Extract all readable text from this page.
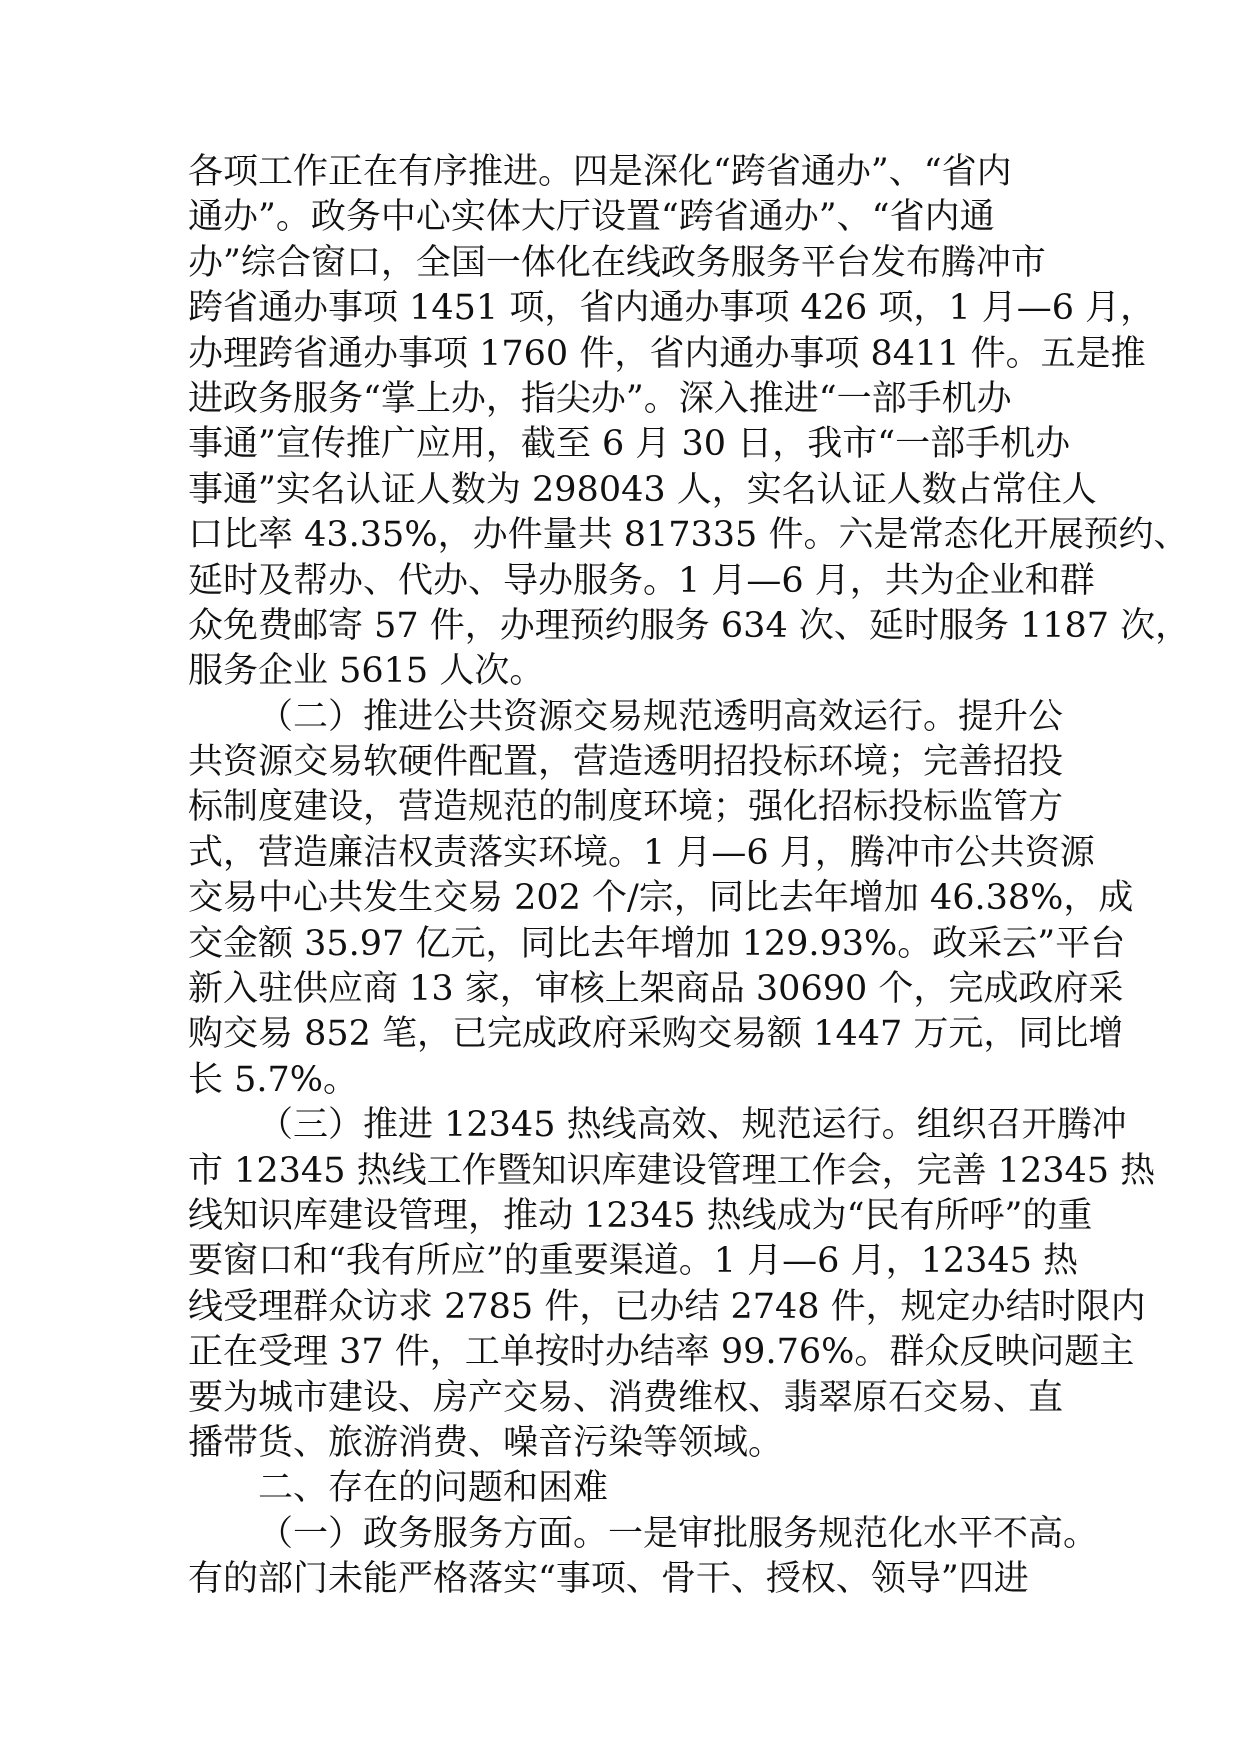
各项工作正在有序推进。四是深化“跨省通办”、“省内
通办”。政务中心实体大厅设置“跨省通办”、“省内通
办”综合窗口，全国一体化在线政务服务平台发布腾冲市
跨省通办事项 1451 项，省内通办事项 426 项，1 月—6 月，
办理跨省通办事项 1760 件，省内通办事项 8411 件。五是推
进政务服务“掌上办，指尖办”。深入推进“一部手机办
事通”宣传推广应用，截至 6 月 30 日，我市“一部手机办
事通”实名认证人数为 298043 人，实名认证人数占常住人
口比率 43.35%，办件量共 817335 件。六是常态化开展预约、
延时及帮办、代办、导办服务。1 月—6 月，共为企业和群
众免费邮寄 57 件，办理预约服务 634 次、延时服务 1187 次，
服务企业 5615 人次。
（二）推进公共资源交易规范透明高效运行。提升公
共资源交易软硬件配置，营造透明招投标环境；完善招投
标制度建设，营造规范的制度环境；强化招标投标监管方
式，营造廉洁权责落实环境。1 月—6 月，腾冲市公共资源
交易中心共发生交易 202 个/宗，同比去年增加 46.38%，成
交金额 35.97 亿元，同比去年增加 129.93%。政采云”平台
新入驻供应商 13 家，审核上架商品 30690 个，完成政府采
购交易 852 笔，已完成政府采购交易额 1447 万元，同比增
长 5.7%。
（三）推进 12345 热线高效、规范运行。组织召开腾冲
市 12345 热线工作暨知识库建设管理工作会，完善 12345 热
线知识库建设管理，推动 12345 热线成为“民有所呼”的重
要窗口和“我有所应”的重要渠道。1 月—6 月，12345 热
线受理群众访求 2785 件，已办结 2748 件，规定办结时限内
正在受理 37 件，工单按时办结率 99.76%。群众反映问题主
要为城市建设、房产交易、消费维权、翡翠原石交易、直
播带货、旅游消费、噪音污染等领域。
二、存在的问题和困难
（一）政务服务方面。一是审批服务规范化水平不高。
有的部门未能严格落实“事项、骨干、授权、领导”四进
